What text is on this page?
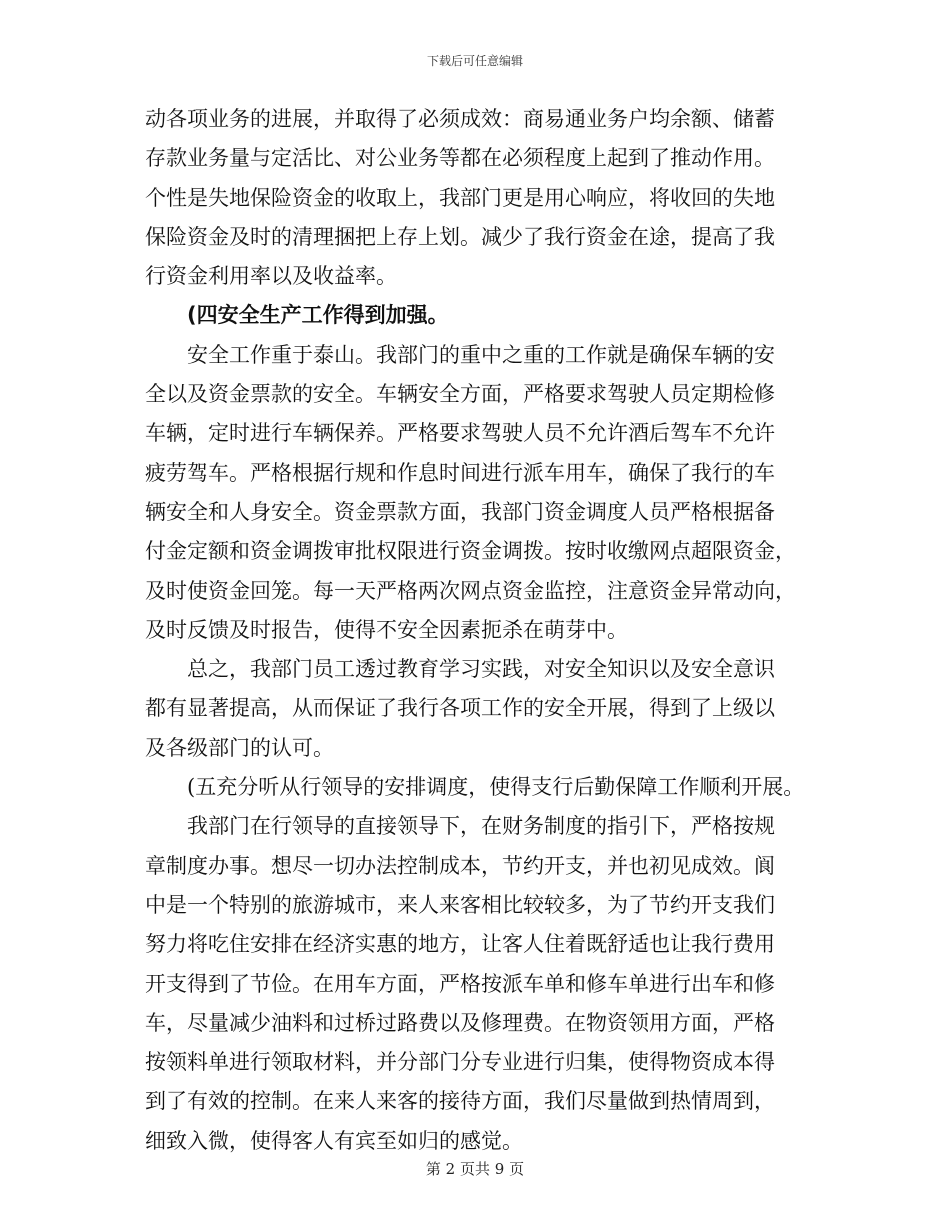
下载后可任意编辑
动各项业务的进展，并取得了必须成效：商易通业务户均余额、储蓄
存款业务量与定活比、对公业务等都在必须程度上起到了推动作用。
个性是失地保险资金的收取上，我部门更是用心响应，将收回的失地
保险资金及时的清理捆把上存上划。减少了我行资金在途，提高了我
行资金利用率以及收益率。
(四安全生产工作得到加强。
安全工作重于泰山。我部门的重中之重的工作就是确保车辆的安
全以及资金票款的安全。车辆安全方面，严格要求驾驶人员定期检修
车辆，定时进行车辆保养。严格要求驾驶人员不允许酒后驾车不允许
疲劳驾车。严格根据行规和作息时间进行派车用车，确保了我行的车
辆安全和人身安全。资金票款方面，我部门资金调度人员严格根据备
付金定额和资金调拨审批权限进行资金调拨。按时收缴网点超限资金，
及时使资金回笼。每一天严格两次网点资金监控，注意资金异常动向，
及时反馈及时报告，使得不安全因素扼杀在萌芽中。
总之，我部门员工透过教育学习实践，对安全知识以及安全意识
都有显著提高，从而保证了我行各项工作的安全开展，得到了上级以
及各级部门的认可。
(五充分听从行领导的安排调度，使得支行后勤保障工作顺利开展。
我部门在行领导的直接领导下，在财务制度的指引下，严格按规
章制度办事。想尽一切办法控制成本，节约开支，并也初见成效。阆
中是一个特别的旅游城市，来人来客相比较较多，为了节约开支我们
努力将吃住安排在经济实惠的地方，让客人住着既舒适也让我行费用
开支得到了节俭。在用车方面，严格按派车单和修车单进行出车和修
车，尽量减少油料和过桥过路费以及修理费。在物资领用方面，严格
按领料单进行领取材料，并分部门分专业进行归集，使得物资成本得
到了有效的控制。在来人来客的接待方面，我们尽量做到热情周到，
细致入微，使得客人有宾至如归的感觉。
第 2 页共 9 页
